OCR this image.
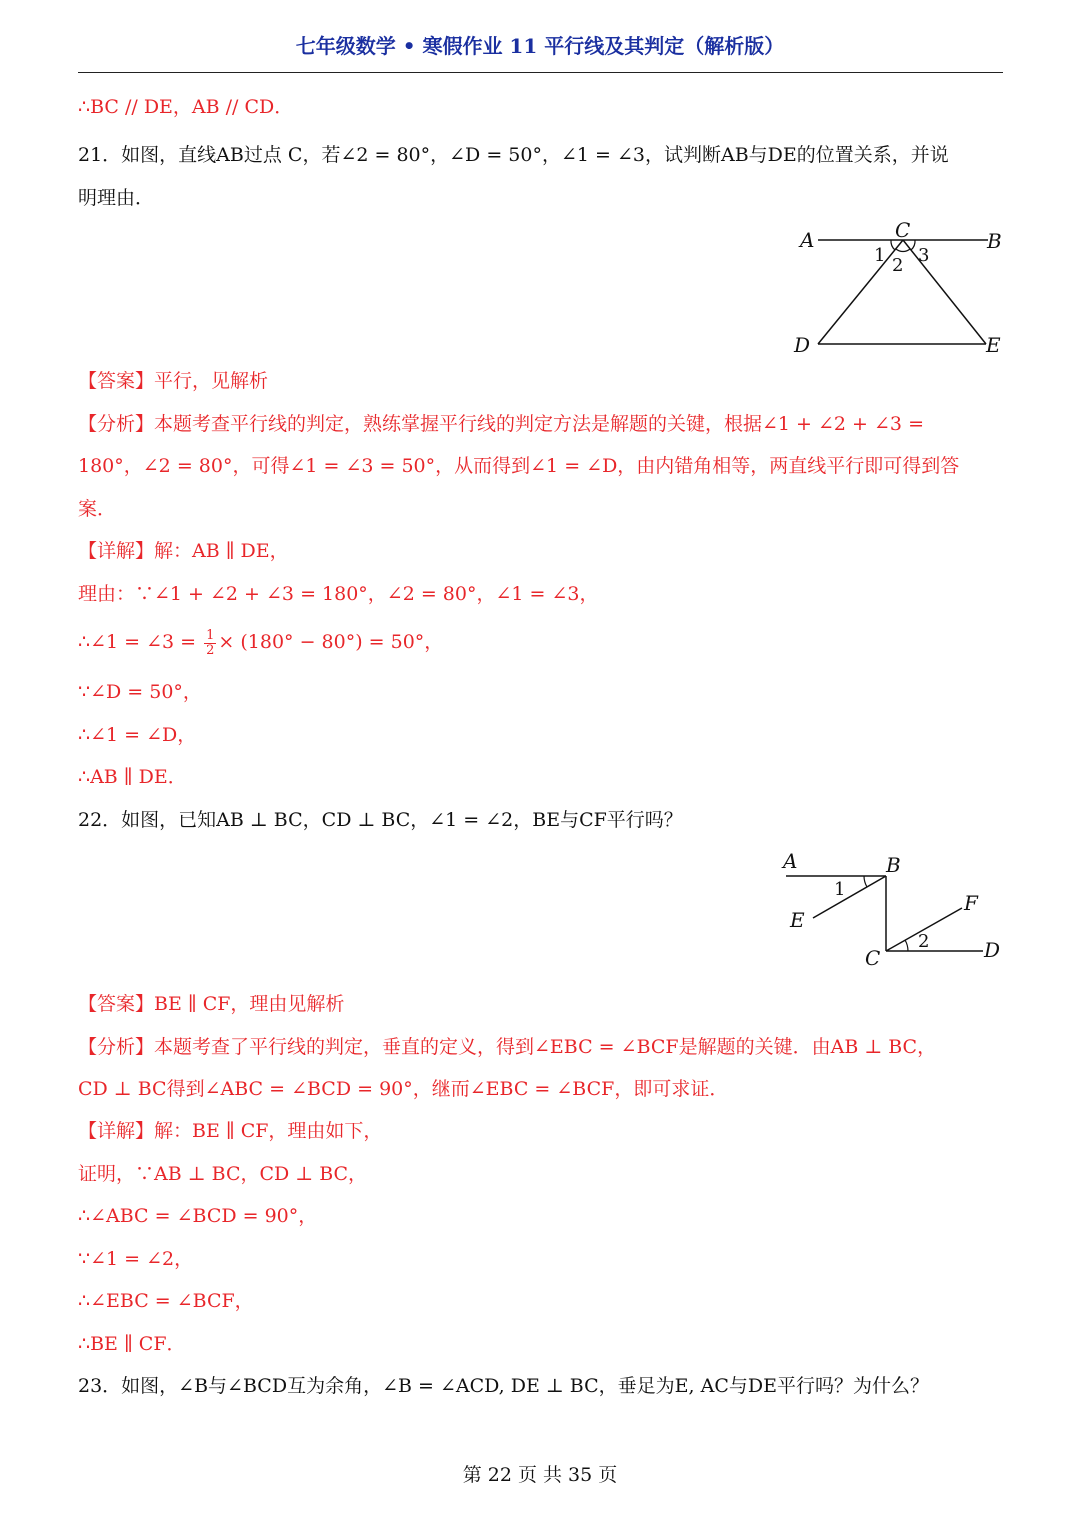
七年级数学 • 寒假作业 11 平行线及其判定（解析版）
∴BC // DE，AB // CD．
21．如图，直线AB过点 C，若∠2 = 80°，∠D = 50°，∠1 = ∠3，试判断AB与DE的位置关系，并说
明理由．
A	B
C
D	E
1 2 3
【答案】平行，见解析
【分析】本题考查平行线的判定，熟练掌握平行线的判定方法是解题的关键，根据∠1 + ∠2 + ∠3 =
180°，∠2 = 80°，可得∠1 = ∠3 = 50°，从而得到∠1 = ∠D，由内错角相等，两直线平行即可得到答
案．
【详解】解：AB ∥ DE，
理由：∵∠1 + ∠2 + ∠3 = 180°，∠2 = 80°，∠1 = ∠3，
∴∠1 = ∠3 = $\frac{1}{2} \times (180^\circ - 80^\circ) = 50^\circ$，
∵∠D = 50°，
∴∠1 = ∠D，
∴AB ∥ DE．
22．如图，已知AB ⊥ BC，CD ⊥ BC，∠1 = ∠2，BE与CF平行吗？
A	B
C	D
E
F
1
2
【答案】BE ∥ CF，理由见解析
【分析】本题考查了平行线的判定，垂直的定义，得到∠EBC = ∠BCF是解题的关键．由AB ⊥ BC，
CD ⊥ BC得到∠ABC = ∠BCD = 90°，继而∠EBC = ∠BCF，即可求证．
【详解】解：BE ∥ CF，理由如下，
证明，∵AB ⊥ BC，CD ⊥ BC，
∴∠ABC = ∠BCD = 90°，
∵∠1 = ∠2，
∴∠EBC = ∠BCF，
∴BE ∥ CF．
23．如图，∠B与∠BCD互为余角，∠B = ∠ACD, DE ⊥ BC，垂足为E, AC与DE平行吗？为什么？
第 22 页 共 35 页
